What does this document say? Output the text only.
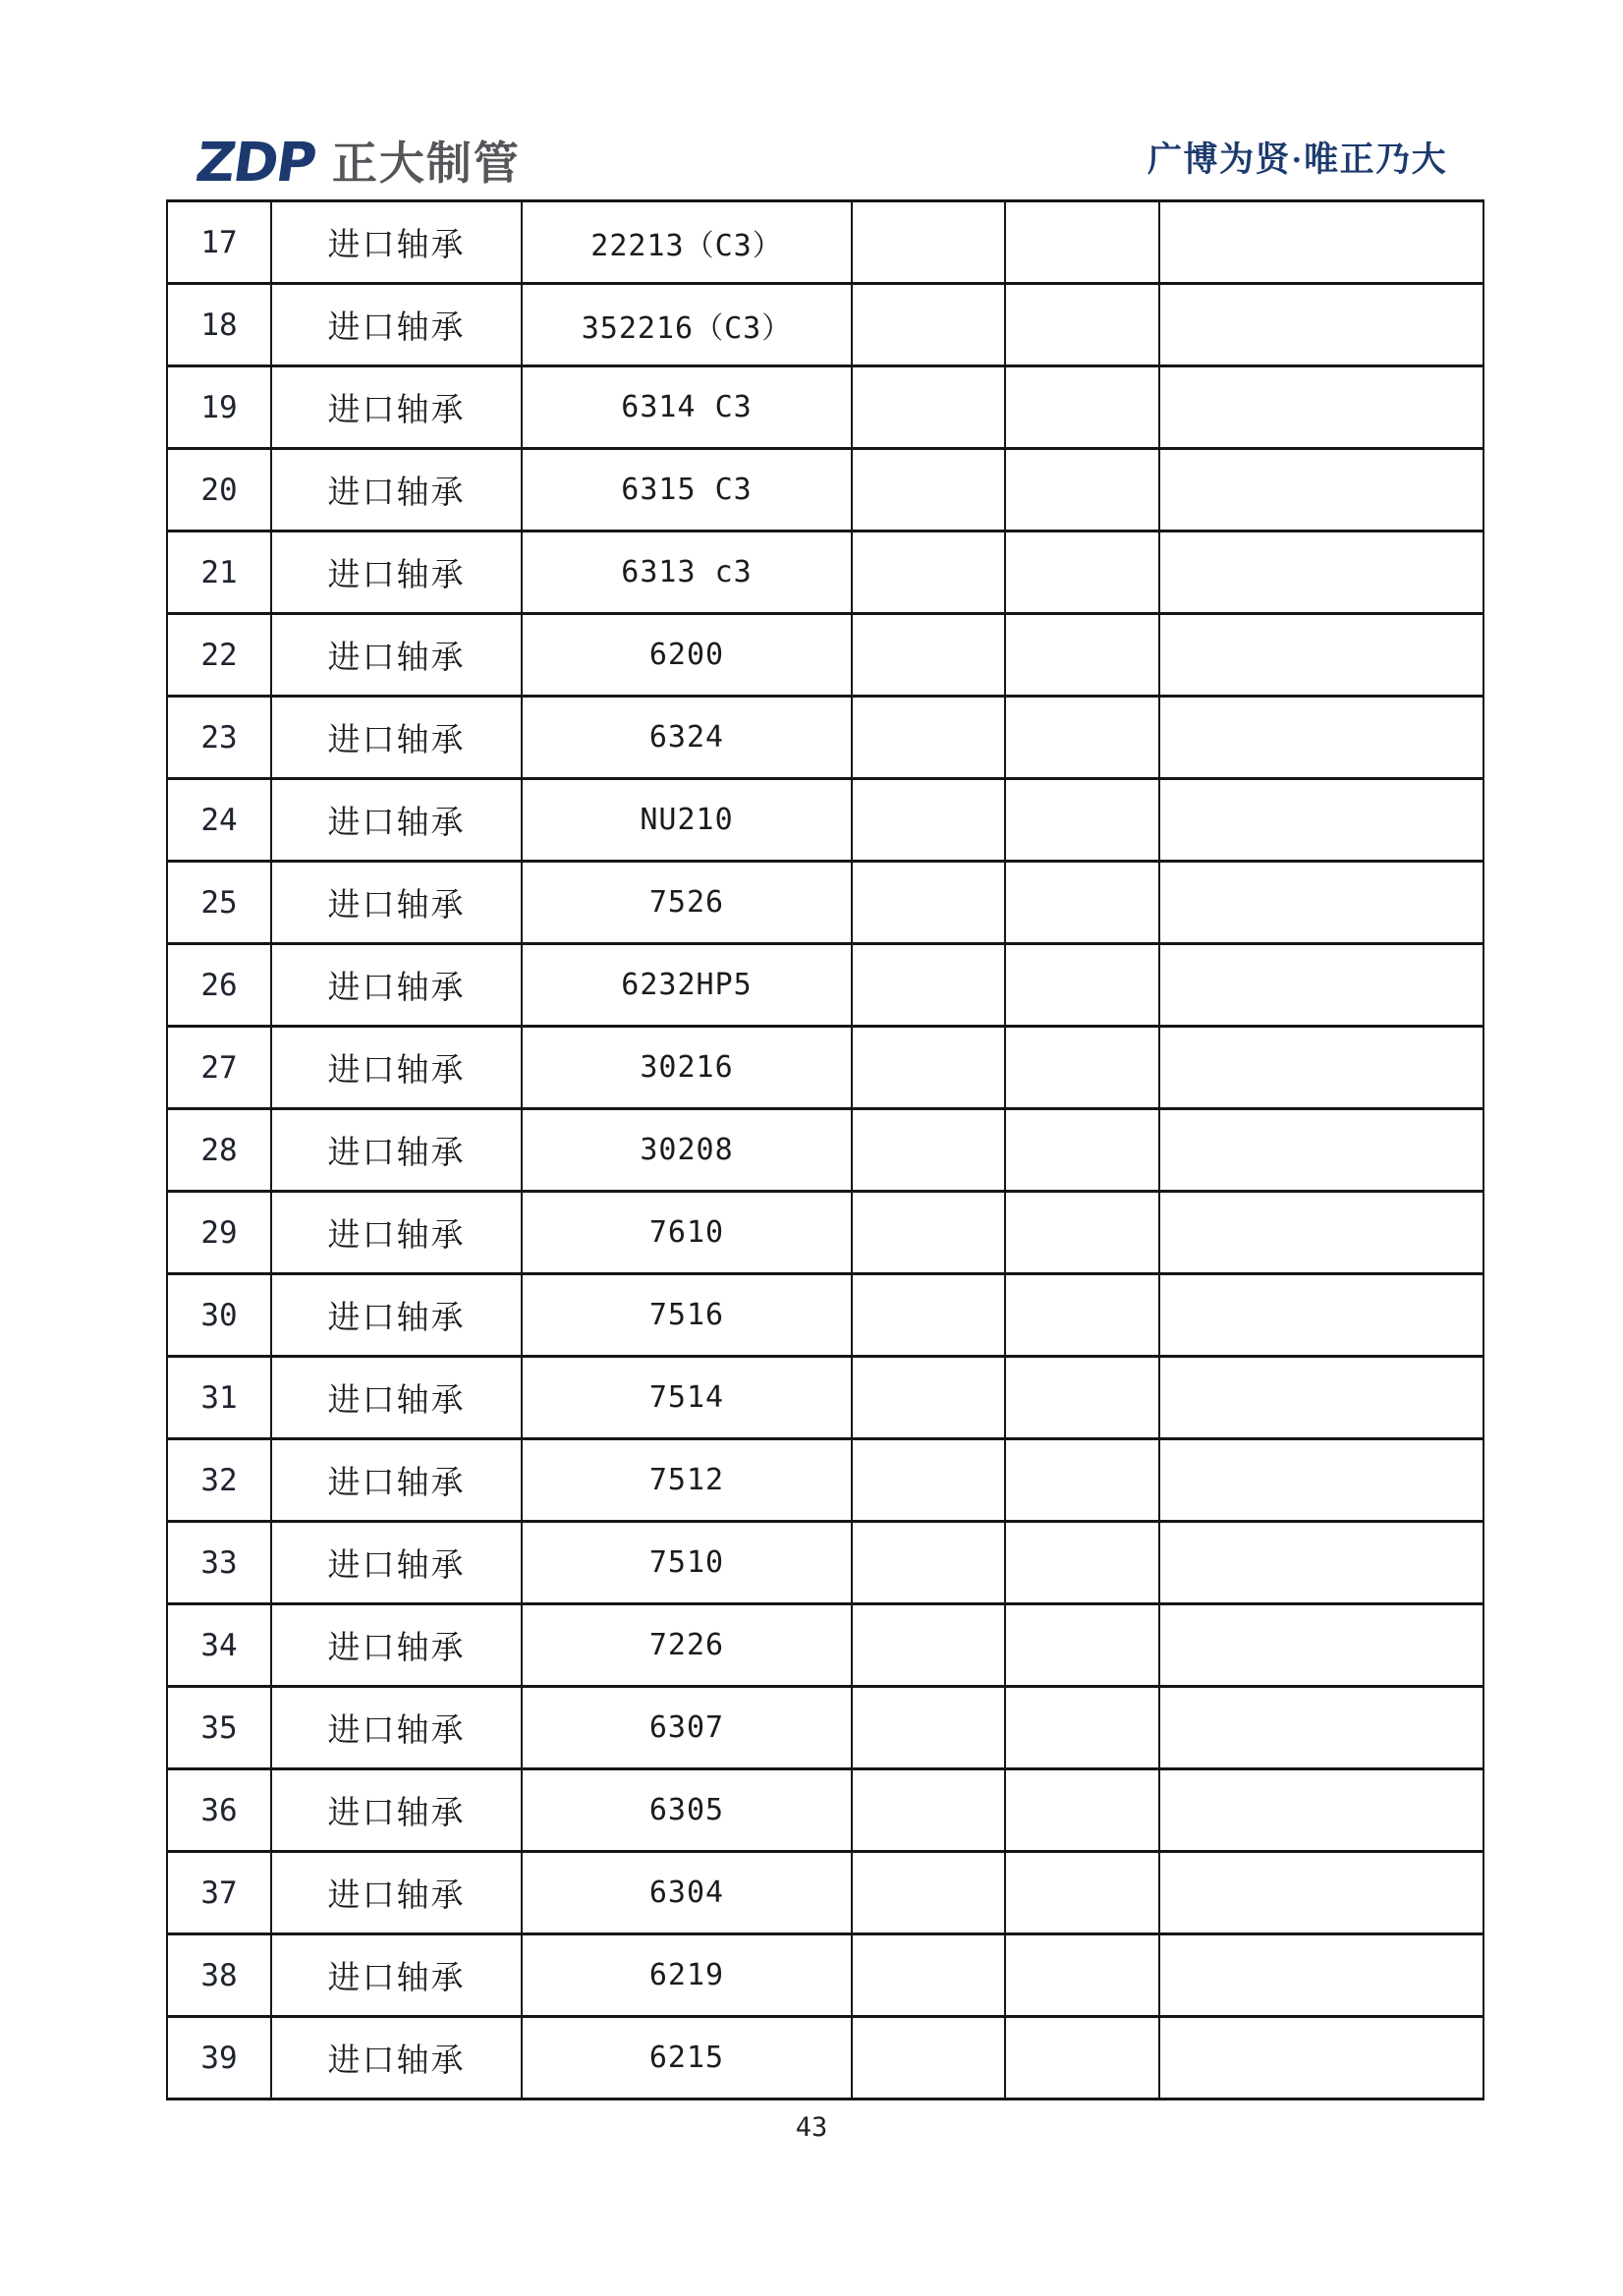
ZDP 正大制管	广博为贤·唯正乃大
17	进口轴承	22213（C3）
18	进口轴承	352216（C3）
19	进口轴承	6314 C3
20	进口轴承	6315 C3
21	进口轴承	6313 c3
22	进口轴承	6200
23	进口轴承	6324
24	进口轴承	NU210
25	进口轴承	7526
26	进口轴承	6232HP5
27	进口轴承	30216
28	进口轴承	30208
29	进口轴承	7610
30	进口轴承	7516
31	进口轴承	7514
32	进口轴承	7512
33	进口轴承	7510
34	进口轴承	7226
35	进口轴承	6307
36	进口轴承	6305
37	进口轴承	6304
38	进口轴承	6219
39	进口轴承	6215
43
